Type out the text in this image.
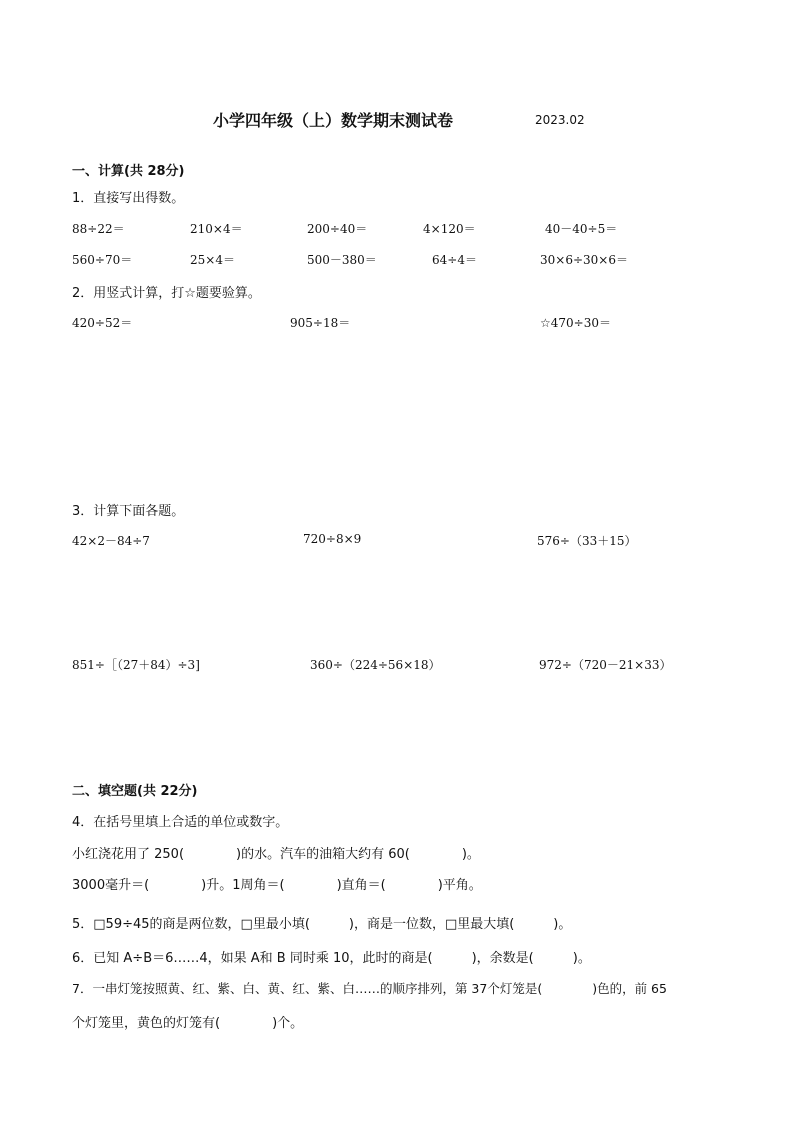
小学四年级（上）数学期末测试卷	2023.02
一、计算(共 28分)
1．直接写出得数。
88÷22＝	210×4＝	200÷40＝	4×120＝	40－40÷5＝
560÷70＝	25×4＝	500－380＝	64÷4＝	30×6÷30×6＝
2．用竖式计算，打☆题要验算。
420÷52＝	905÷18＝	☆470÷30＝
3．计算下面各题。
42×2－84÷7	720÷8×9	576÷（33＋15）
851÷［（27＋84）÷3]	360÷（224÷56×18）	972÷（720－21×33）
二、填空题(共 22分)
4．在括号里填上合适的单位或数字。
小红浇花用了 250(　　　　)的水。汽车的油箱大约有 60(　　　　)。
3000毫升＝(　　　　)升。1周角＝(　　　　)直角＝(　　　　)平角。
5．□59÷45的商是两位数，□里最小填(　　　)，商是一位数，□里最大填(　　　)。
6．已知 A÷B＝6……4，如果 A和 B 同时乘 10，此时的商是(　　　)，余数是(　　　)。
7．一串灯笼按照黄、红、紫、白、黄、红、紫、白……的顺序排列，第 37个灯笼是(　　　　)色的，前 65
个灯笼里，黄色的灯笼有(　　　　)个。
